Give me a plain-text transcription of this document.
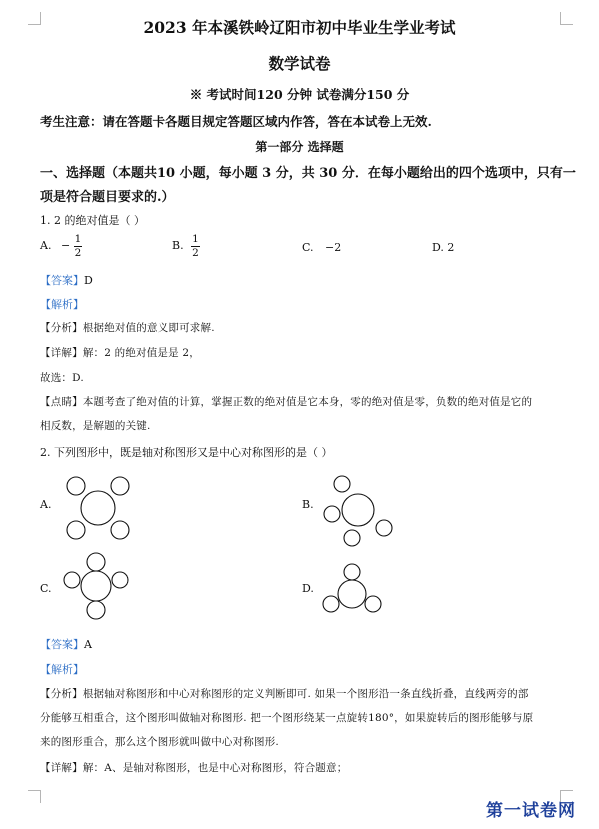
2023 年本溪铁岭辽阳市初中毕业生学业考试
数学试卷
※ 考试时间120 分钟 试卷满分150 分
考生注意：请在答题卡各题目规定答题区域内作答，答在本试卷上无效.
第一部分 选择题
一、选择题（本题共10 小题，每小题 3 分，共 30 分．在每小题给出的四个选项中，只有一
项是符合题目要求的.）
1. 2 的绝对值是（ ）
A. − $\frac{1}{2}$	B. $\frac{1}{2}$	C. −2	D. 2
【答案】D
【解析】
【分析】根据绝对值的意义即可求解.
【详解】解：2 的绝对值是是 2，
故选：D.
【点睛】本题考查了绝对值的计算，掌握正数的绝对值是它本身，零的绝对值是零，负数的绝对值是它的
相反数，是解题的关键.
2. 下列图形中，既是轴对称图形又是中心对称图形的是（ ）
A.	B.
C.	D.
【答案】A
【解析】
【分析】根据轴对称图形和中心对称图形的定义判断即可. 如果一个图形沿一条直线折叠，直线两旁的部
分能够互相重合，这个图形叫做轴对称图形. 把一个图形绕某一点旋转180°，如果旋转后的图形能够与原
来的图形重合，那么这个图形就叫做中心对称图形.
【详解】解：A、是轴对称图形，也是中心对称图形，符合题意；
第一试卷网
